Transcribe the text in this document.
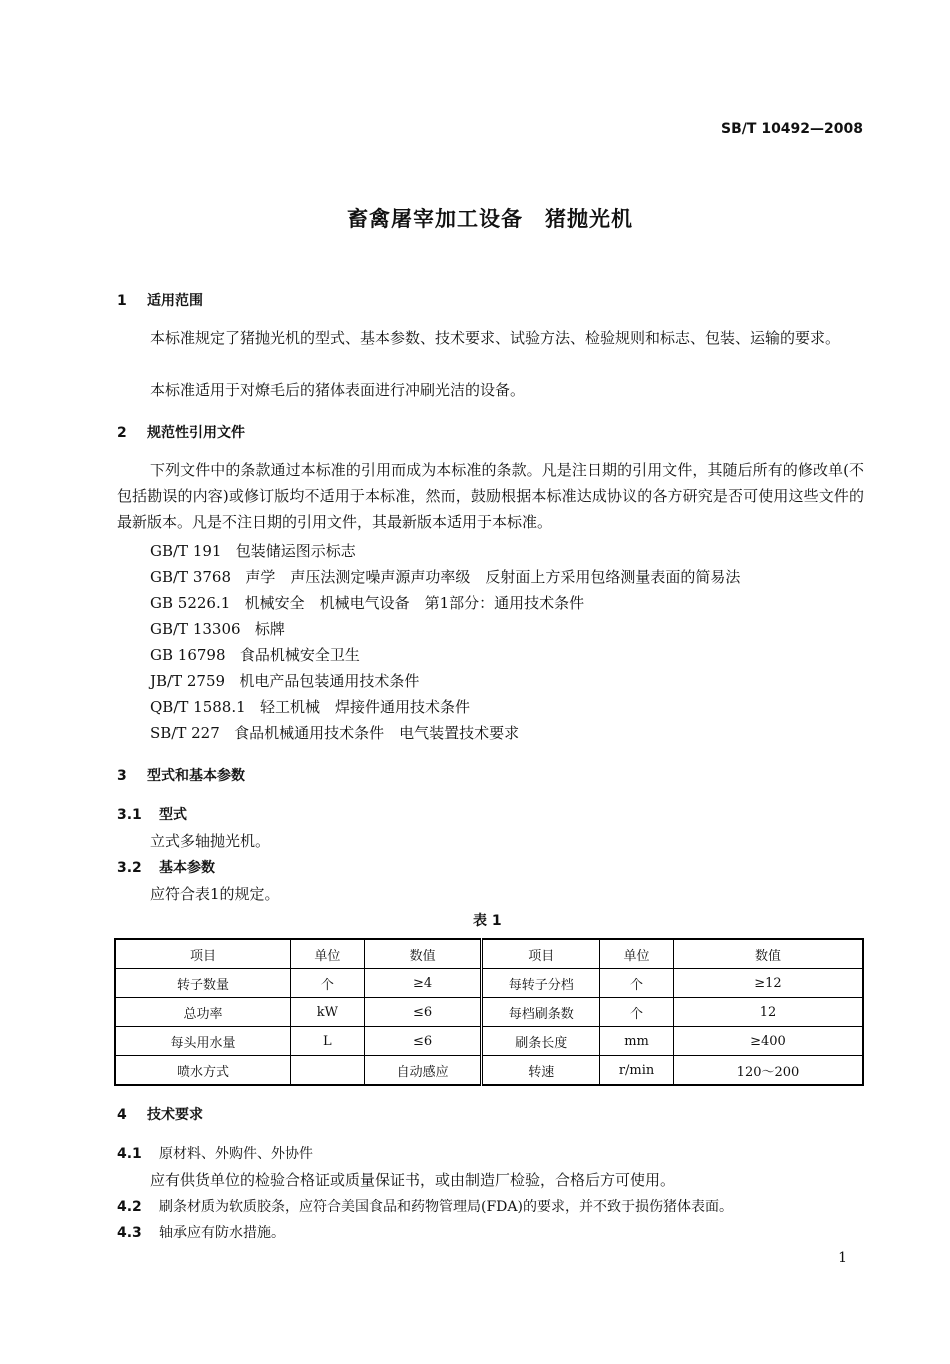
SB/T 10492—2008
畜禽屠宰加工设备　猪抛光机
1 适用范围
本标准规定了猪抛光机的型式、基本参数、技术要求、试验方法、检验规则和标志、包装、运输的要求。
本标准适用于对燎毛后的猪体表面进行冲刷光洁的设备。
2 规范性引用文件
下列文件中的条款通过本标准的引用而成为本标准的条款。凡是注日期的引用文件，其随后所有的修改单(不包括勘误的内容)或修订版均不适用于本标准，然而，鼓励根据本标准达成协议的各方研究是否可使用这些文件的最新版本。凡是不注日期的引用文件，其最新版本适用于本标准。
GB/T 191 包装储运图示标志
GB/T 3768 声学　声压法测定噪声源声功率级　反射面上方采用包络测量表面的简易法
GB 5226.1 机械安全　机械电气设备　第1部分：通用技术条件
GB/T 13306 标牌
GB 16798 食品机械安全卫生
JB/T 2759 机电产品包装通用技术条件
QB/T 1588.1 轻工机械　焊接件通用技术条件
SB/T 227 食品机械通用技术条件　电气装置技术要求
3 型式和基本参数
3.1 型式
立式多轴抛光机。
3.2 基本参数
应符合表1的规定。
表 1
项目	单位	数值	项目	单位	数值
转子数量	个	≥4	每转子分档	个	≥12
总功率	kW	≤6	每档刷条数	个	12
每头用水量	L	≤6	刷条长度	mm	≥400
喷水方式		自动感应	转速	r/min	120～200
4 技术要求
4.1 原材料、外购件、外协件
应有供货单位的检验合格证或质量保证书，或由制造厂检验，合格后方可使用。
4.2 刷条材质为软质胶条，应符合美国食品和药物管理局(FDA)的要求，并不致于损伤猪体表面。
4.3 轴承应有防水措施。
1
